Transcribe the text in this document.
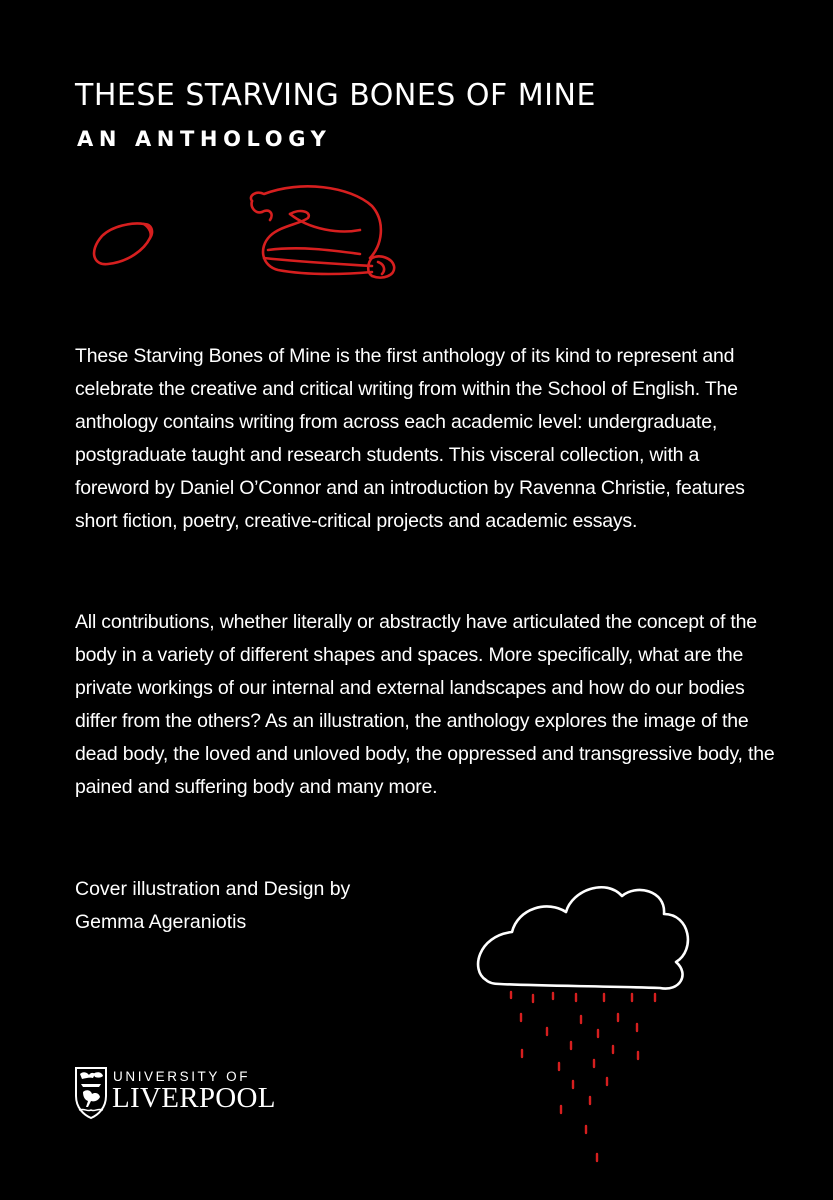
THESE STARVING BONES OF MINE
AN ANTHOLOGY

These Starving Bones of Mine is the first anthology of its kind to represent and celebrate the creative and critical writing from within the School of English. The anthology contains writing from across each academic level: undergraduate, postgraduate taught and research students. This visceral collection, with a foreword by Daniel O’Connor and an introduction by Ravenna Christie, features short fiction, poetry, creative-critical projects and academic essays.

All contributions, whether literally or abstractly have articulated the concept of the body in a variety of different shapes and spaces. More specifically, what are the private workings of our internal and external landscapes and how do our bodies differ from the others? As an illustration, the anthology explores the image of the dead body, the loved and unloved body, the oppressed and transgressive body, the pained and suffering body and many more.

Cover illustration and Design by
Gemma Ageraniotis
UNIVERSITY OF
LIVERPOOL
